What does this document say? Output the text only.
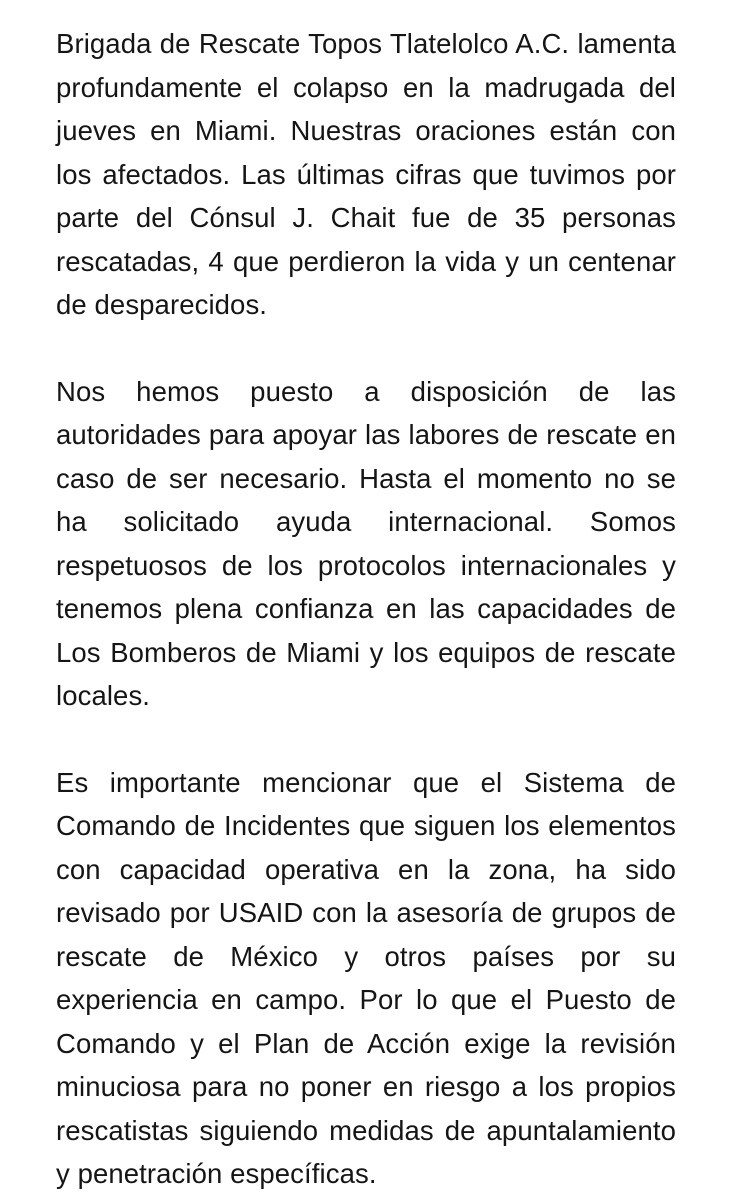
Brigada de Rescate Topos Tlatelolco A.C. lamenta profundamente el colapso en la madrugada del jueves en Miami. Nuestras oraciones están con los afectados. Las últimas cifras que tuvimos por parte del Cónsul J. Chait fue de 35 personas rescatadas, 4 que perdieron la vida y un centenar de desparecidos.

Nos hemos puesto a disposición de las autoridades para apoyar las labores de rescate en caso de ser necesario. Hasta el momento no se ha solicitado ayuda internacional. Somos respetuosos de los protocolos internacionales y tenemos plena confianza en las capacidades de Los Bomberos de Miami y los equipos de rescate locales.

Es importante mencionar que el Sistema de Comando de Incidentes que siguen los elementos con capacidad operativa en la zona, ha sido revisado por USAID con la asesoría de grupos de rescate de México y otros países por su experiencia en campo. Por lo que el Puesto de Comando y el Plan de Acción exige la revisión minuciosa para no poner en riesgo a los propios rescatistas siguiendo medidas de apuntalamiento y penetración específicas.
